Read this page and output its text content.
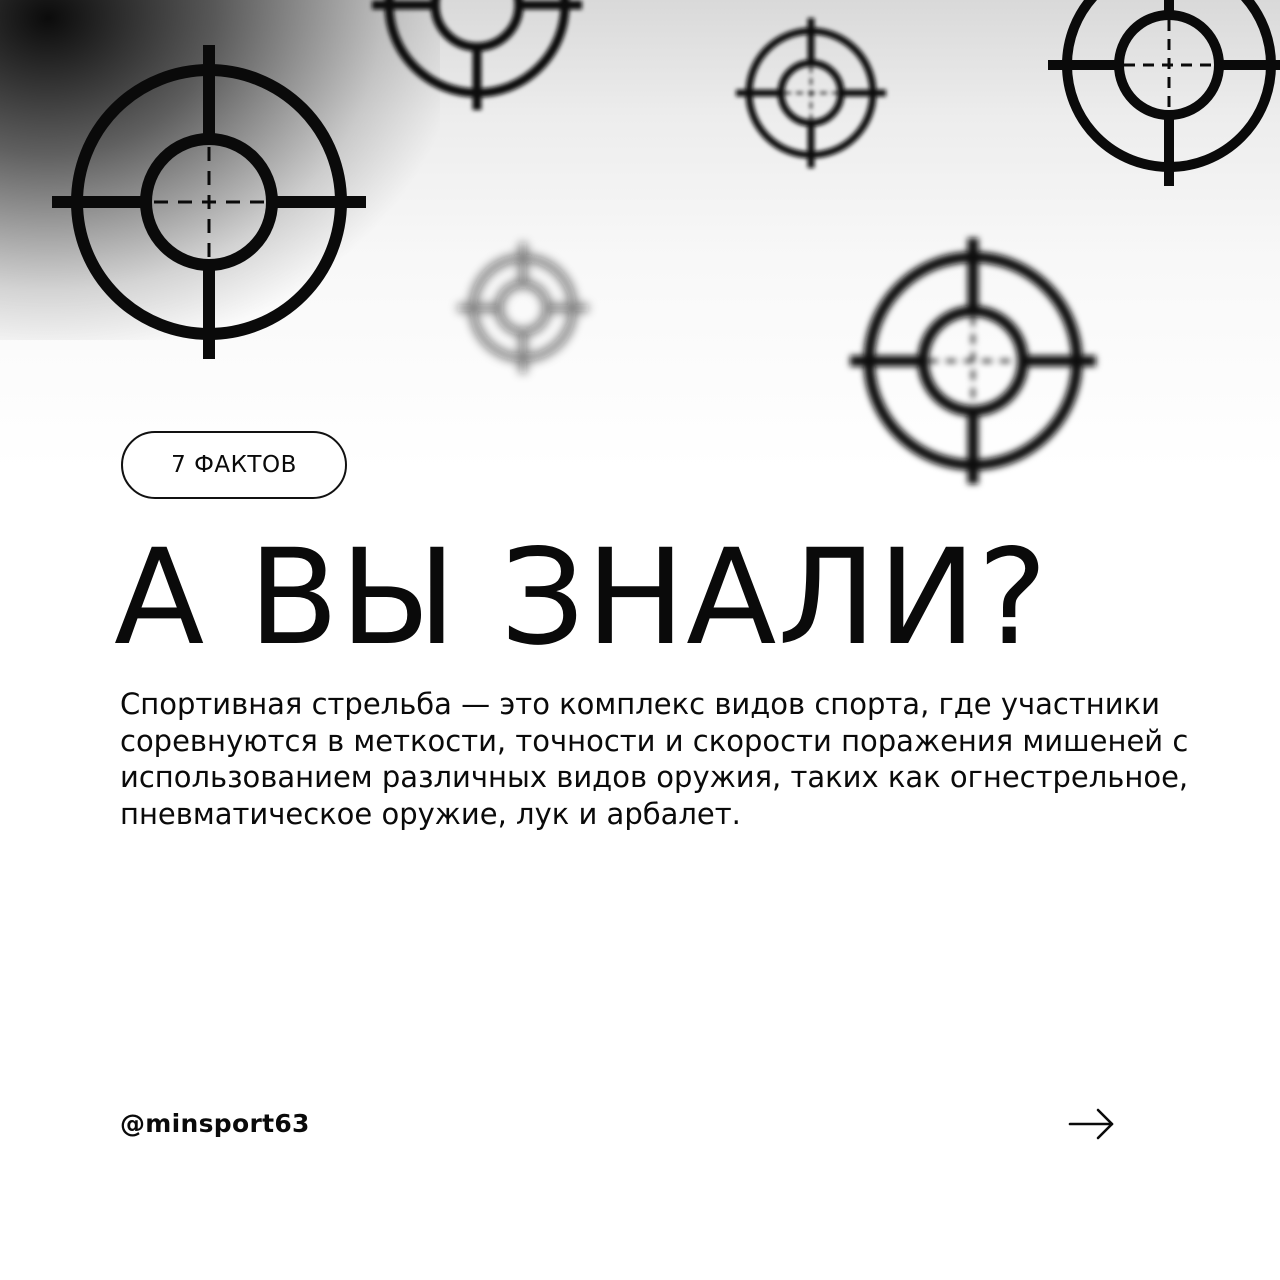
7 ФАКТОВ
А ВЫ ЗНАЛИ?

Спортивная стрельба — это комплекс видов спорта, где участники соревнуются в меткости, точности и скорости поражения мишеней с использованием различных видов оружия, таких как огнестрельное, пневматическое оружие, лук и арбалет.

@minsport63
